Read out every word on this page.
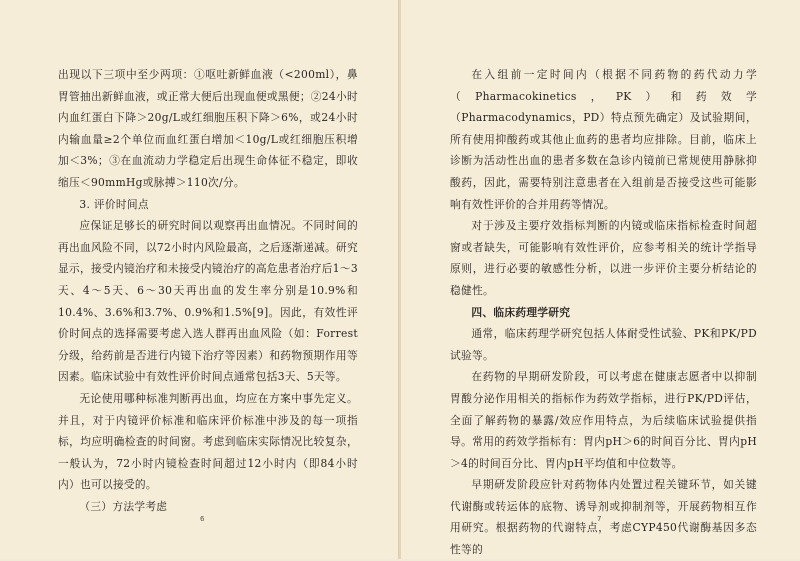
出现以下三项中至少两项：①呕吐新鲜血液（<200ml），鼻胃管抽出新鲜血液，或正常大便后出现血便或黑便；②24小时内血红蛋白下降＞20g/L或红细胞压积下降＞6%，或24小时内输血量≥2个单位而血红蛋白增加＜10g/L或红细胞压积增加＜3%；③在血流动力学稳定后出现生命体征不稳定，即收缩压＜90mmHg或脉搏＞110次/分。

3. 评价时间点

应保证足够长的研究时间以观察再出血情况。不同时间的再出血风险不同，以72小时内风险最高，之后逐渐递减。研究显示，接受内镜治疗和未接受内镜治疗的高危患者治疗后1～3天、4～5天、6～30天再出血的发生率分别是10.9%和10.4%、3.6%和3.7%、0.9%和1.5%[9]。因此，有效性评价时间点的选择需要考虑入选人群再出血风险（如：Forrest分级，给药前是否进行内镜下治疗等因素）和药物预期作用等因素。临床试验中有效性评价时间点通常包括3天、5天等。

无论使用哪种标准判断再出血，均应在方案中事先定义。并且，对于内镜评价标准和临床评价标准中涉及的每一项指标，均应明确检查的时间窗。考虑到临床实际情况比较复杂，一般认为，72小时内镜检查时间超过12小时内（即84小时内）也可以接受的。

（三）方法学考虑

6

在入组前一定时间内（根据不同药物的药代动力学（Pharmacokinetics，PK）和药效学（Pharmacodynamics，PD）特点预先确定）及试验期间，所有使用抑酸药或其他止血药的患者均应排除。目前，临床上诊断为活动性出血的患者多数在急诊内镜前已常规使用静脉抑酸药，因此，需要特别注意患者在入组前是否接受这些可能影响有效性评价的合并用药等情况。

对于涉及主要疗效指标判断的内镜或临床指标检查时间超窗或者缺失，可能影响有效性评价，应参考相关的统计学指导原则，进行必要的敏感性分析，以进一步评价主要分析结论的稳健性。

四、临床药理学研究

通常，临床药理学研究包括人体耐受性试验、PK和PK/PD试验等。

在药物的早期研发阶段，可以考虑在健康志愿者中以抑制胃酸分泌作用相关的指标作为药效学指标，进行PK/PD评估，全面了解药物的暴露/效应作用特点，为后续临床试验提供指导。常用的药效学指标有：胃内pH＞6的时间百分比、胃内pH＞4的时间百分比、胃内pH平均值和中位数等。

早期研发阶段应针对药物体内处置过程关键环节，如关键代谢酶或转运体的底物、诱导剂或抑制剂等，开展药物相互作用研究。根据药物的代谢特点，考虑CYP450代谢酶基因多态性等的

7
